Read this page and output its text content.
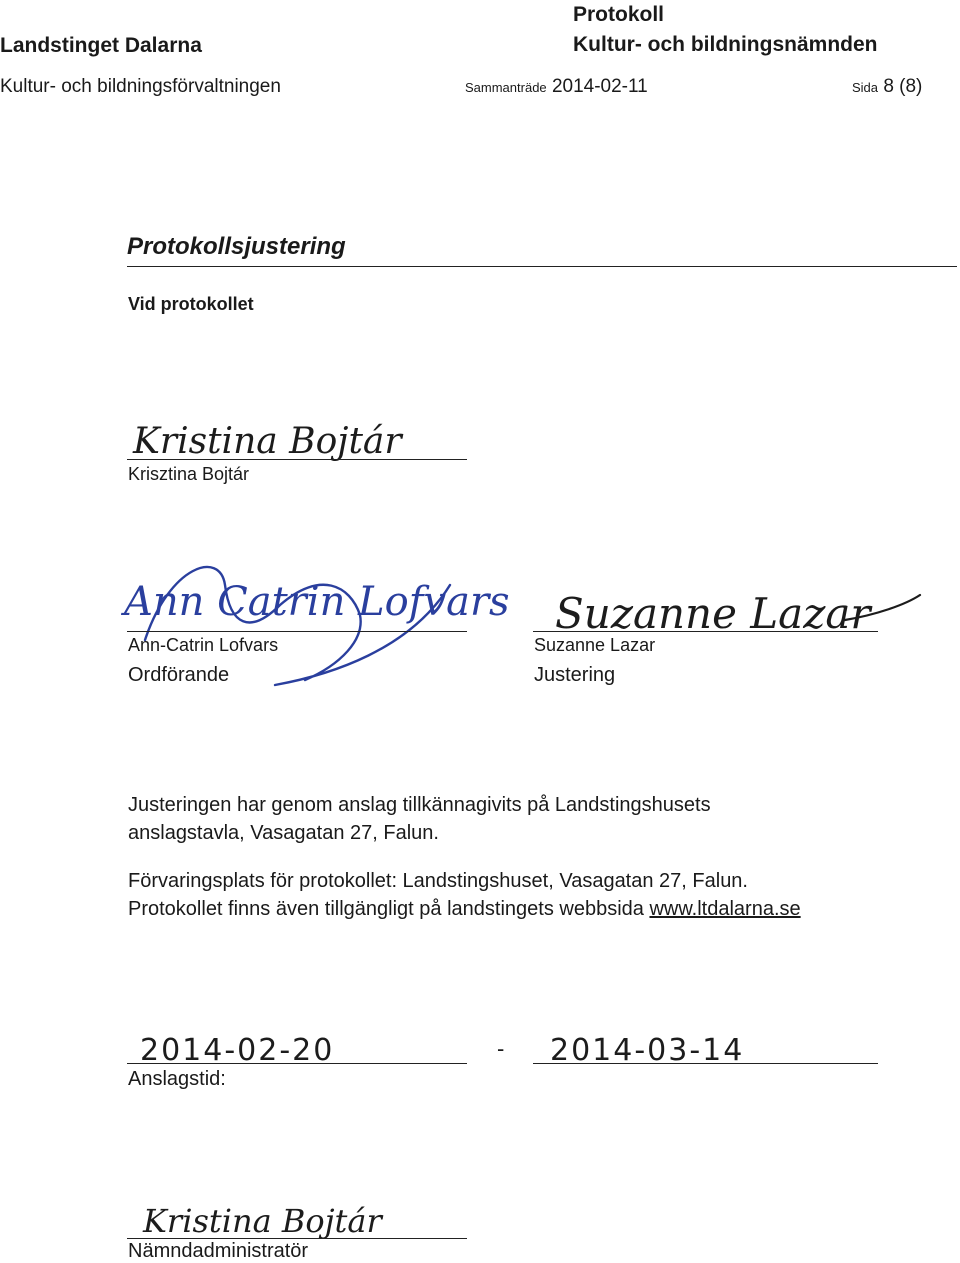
Landstinget Dalarna
Kultur- och bildningsförvaltningen
Protokoll
Kultur- och bildningsnämnden
Sammanträde 2014-02-11	Sida 8 (8)
Protokollsjustering
Vid protokollet
Kristina Bojtár
Krisztina Bojtár
Ann Catrin Lofvars
Ann-Catrin Lofvars
Ordförande
Suzanne Lazar
Suzanne Lazar
Justering
Justeringen har genom anslag tillkännagivits på Landstingshusets
anslagstavla, Vasagatan 27, Falun.
Förvaringsplats för protokollet: Landstingshuset, Vasagatan 27, Falun.
Protokollet finns även tillgängligt på landstingets webbsida www.ltdalarna.se
2014-02-20	- 2014-03-14
Anslagstid:
Kristina Bojtár
Nämndadministratör
